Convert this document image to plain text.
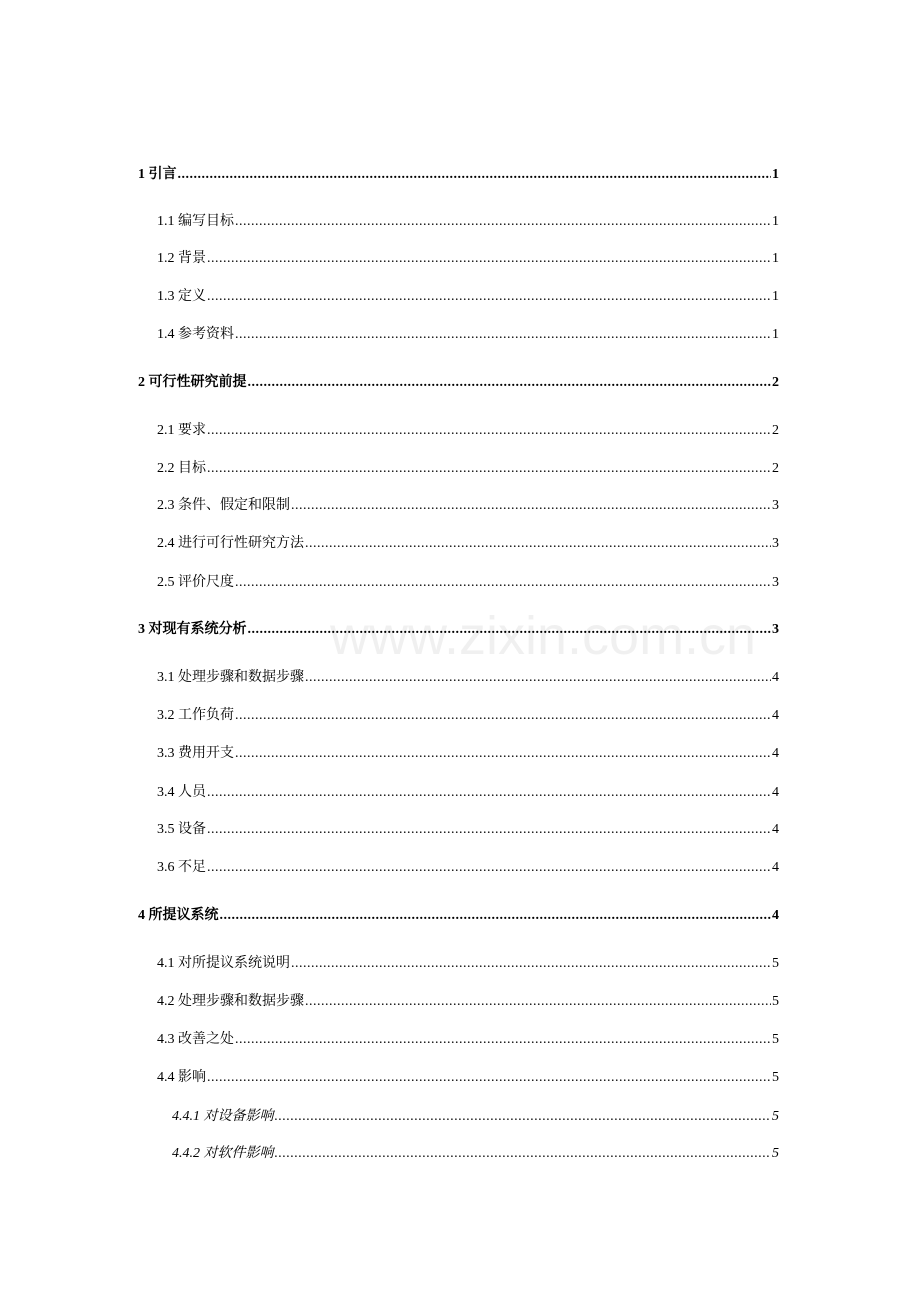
www.zixin.com.cn
1 引言 .....	1
1.1 编写目标 .....	1
1.2 背景 .....	1
1.3 定义 .....	1
1.4 参考资料 .....	1
2 可行性研究前提 .....	2
2.1 要求 .....	2
2.2 目标 .....	2
2.3 条件、假定和限制 .....	3
2.4 进行可行性研究方法 .....	3
2.5 评价尺度 .....	3
3 对现有系统分析 .....	3
3.1 处理步骤和数据步骤 .....	4
3.2 工作负荷 .....	4
3.3 费用开支 .....	4
3.4 人员 .....	4
3.5 设备 .....	4
3.6 不足 .....	4
4 所提议系统 .....	4
4.1 对所提议系统说明 .....	5
4.2 处理步骤和数据步骤 .....	5
4.3 改善之处 .....	5
4.4 影响 .....	5
4.4.1 对设备影响 .....	5
4.4.2 对软件影响 .....	5
